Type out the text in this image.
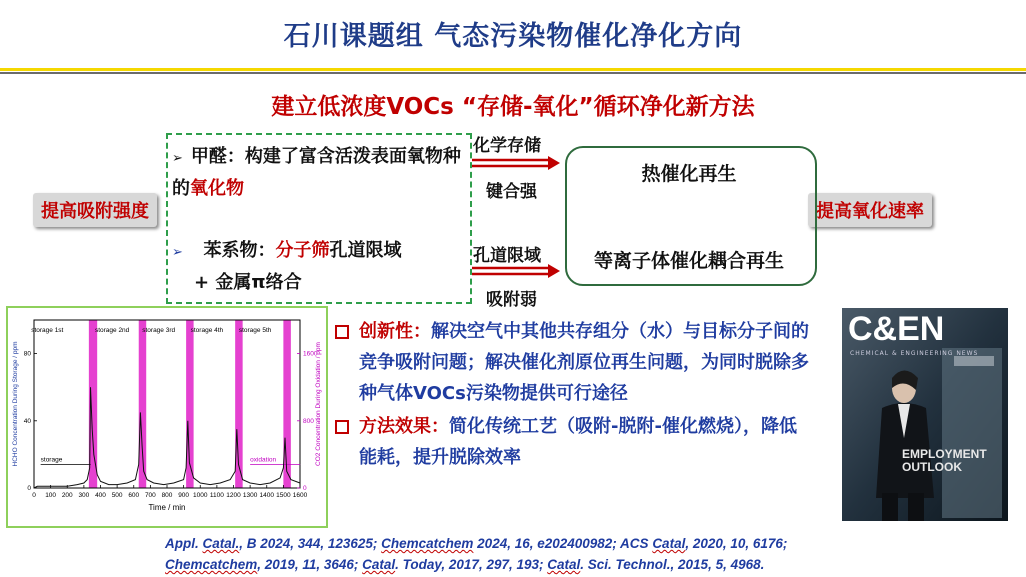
石川课题组 气态污染物催化净化方向
建立低浓度VOCs “存储-氧化”循环净化新方法
提高吸附强度	提高氧化速率
➢ 甲醛：构建了富含活泼表面氧物种的氧化物
➢ 苯系物：分子筛孔道限域
+ 金属π络合
化学存储
键合强
孔道限域
吸附弱
热催化再生
等离子体催化耦合再生
0 100 200 300 400 500 600 700 800 900 1000 1100 1200 1300 1400 1500 1600
0
40
80
0
800
1600
storage 1st	storage 2nd storage 3rd storage 4th storage 5th
storage	oxidation
Time / min
HCHO Concentration During Storage / ppm	CO2 Concentration During Oxidation / ppm
创新性：解决空气中其他共存组分（水）与目标分子间的竞争吸附问题；解决催化剂原位再生问题，为同时脱除多种气体VOCs污染物提供可行途径
方法效果：简化传统工艺（吸附-脱附-催化燃烧），降低能耗，提升脱除效率
C&EN
CHEMICAL & ENGINEERING NEWS
EMPLOYMENT OUTLOOK
Appl. Catal., B 2024, 344, 123625; Chemcatchem 2024, 16, e202400982; ACS Catal, 2020, 10, 6176;
Chemcatchem, 2019, 11, 3646; Catal. Today, 2017, 297, 193; Catal. Sci. Technol., 2015, 5, 4968.
